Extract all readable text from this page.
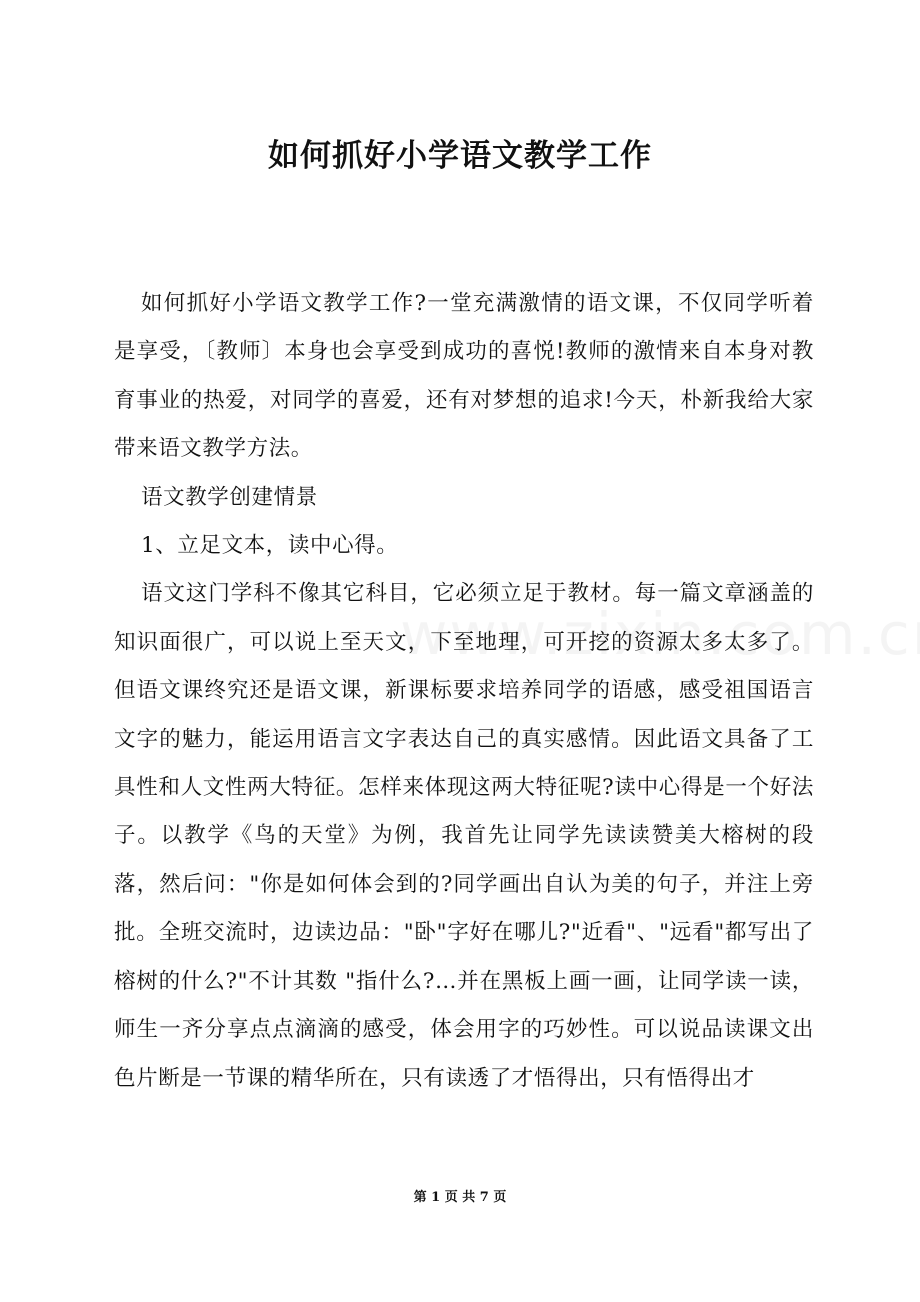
如何抓好小学语文教学工作

如何抓好小学语文教学工作?一堂充满激情的语文课，不仅同学听着是享受，〔教师〕本身也会享受到成功的喜悦!教师的激情来自本身对教育事业的热爱，对同学的喜爱，还有对梦想的追求!今天，朴新我给大家带来语文教学方法。

语文教学创建情景

1、立足文本，读中心得。

语文这门学科不像其它科目，它必须立足于教材。每一篇文章涵盖的知识面很广，可以说上至天文，下至地理，可开挖的资源太多太多了。但语文课终究还是语文课，新课标要求培养同学的语感，感受祖国语言文字的魅力，能运用语言文字表达自己的真实感情。因此语文具备了工具性和人文性两大特征。怎样来体现这两大特征呢?读中心得是一个好法子。以教学《鸟的天堂》为例，我首先让同学先读读赞美大榕树的段落，然后问："你是如何体会到的?同学画出自认为美的句子，并注上旁批。全班交流时，边读边品："卧"字好在哪儿?"近看"、"远看"都写出了榕树的什么?"不计其数 "指什么?…并在黑板上画一画，让同学读一读，师生一齐分享点点滴滴的感受，体会用字的巧妙性。可以说品读课文出色片断是一节课的精华所在，只有读透了才悟得出，只有悟得出才

第 1 页 共 7 页
